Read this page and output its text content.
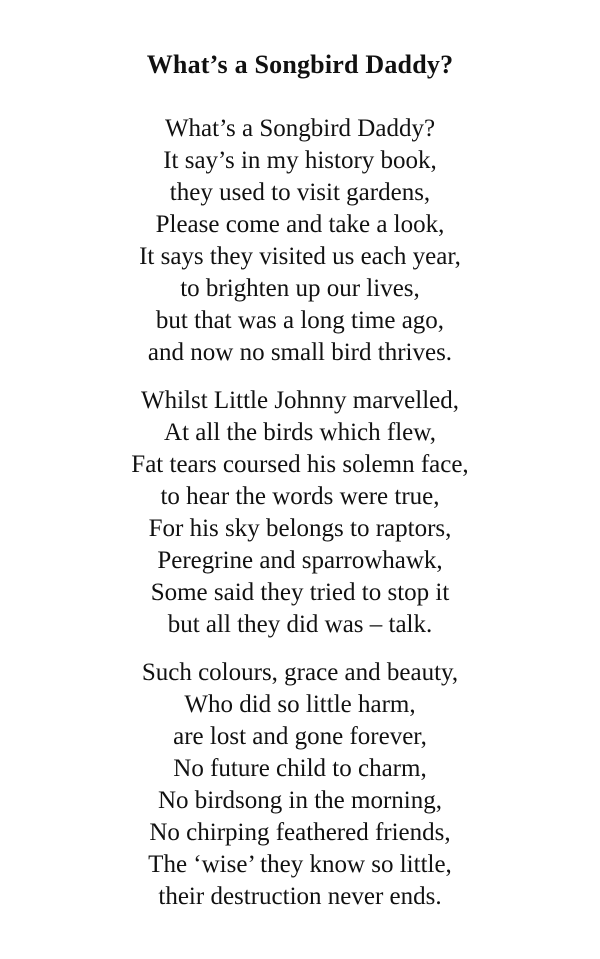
What’s a Songbird Daddy?
What’s a Songbird Daddy?
It say’s in my history book,
they used to visit gardens,
Please come and take a look,
It says they visited us each year,
to brighten up our lives,
but that was a long time ago,
and now no small bird thrives.
Whilst Little Johnny marvelled,
At all the birds which flew,
Fat tears coursed his solemn face,
to hear the words were true,
For his sky belongs to raptors,
Peregrine and sparrowhawk,
Some said they tried to stop it
but all they did was – talk.
Such colours, grace and beauty,
Who did so little harm,
are lost and gone forever,
No future child to charm,
No birdsong in the morning,
No chirping feathered friends,
The ‘wise’ they know so little,
their destruction never ends.
